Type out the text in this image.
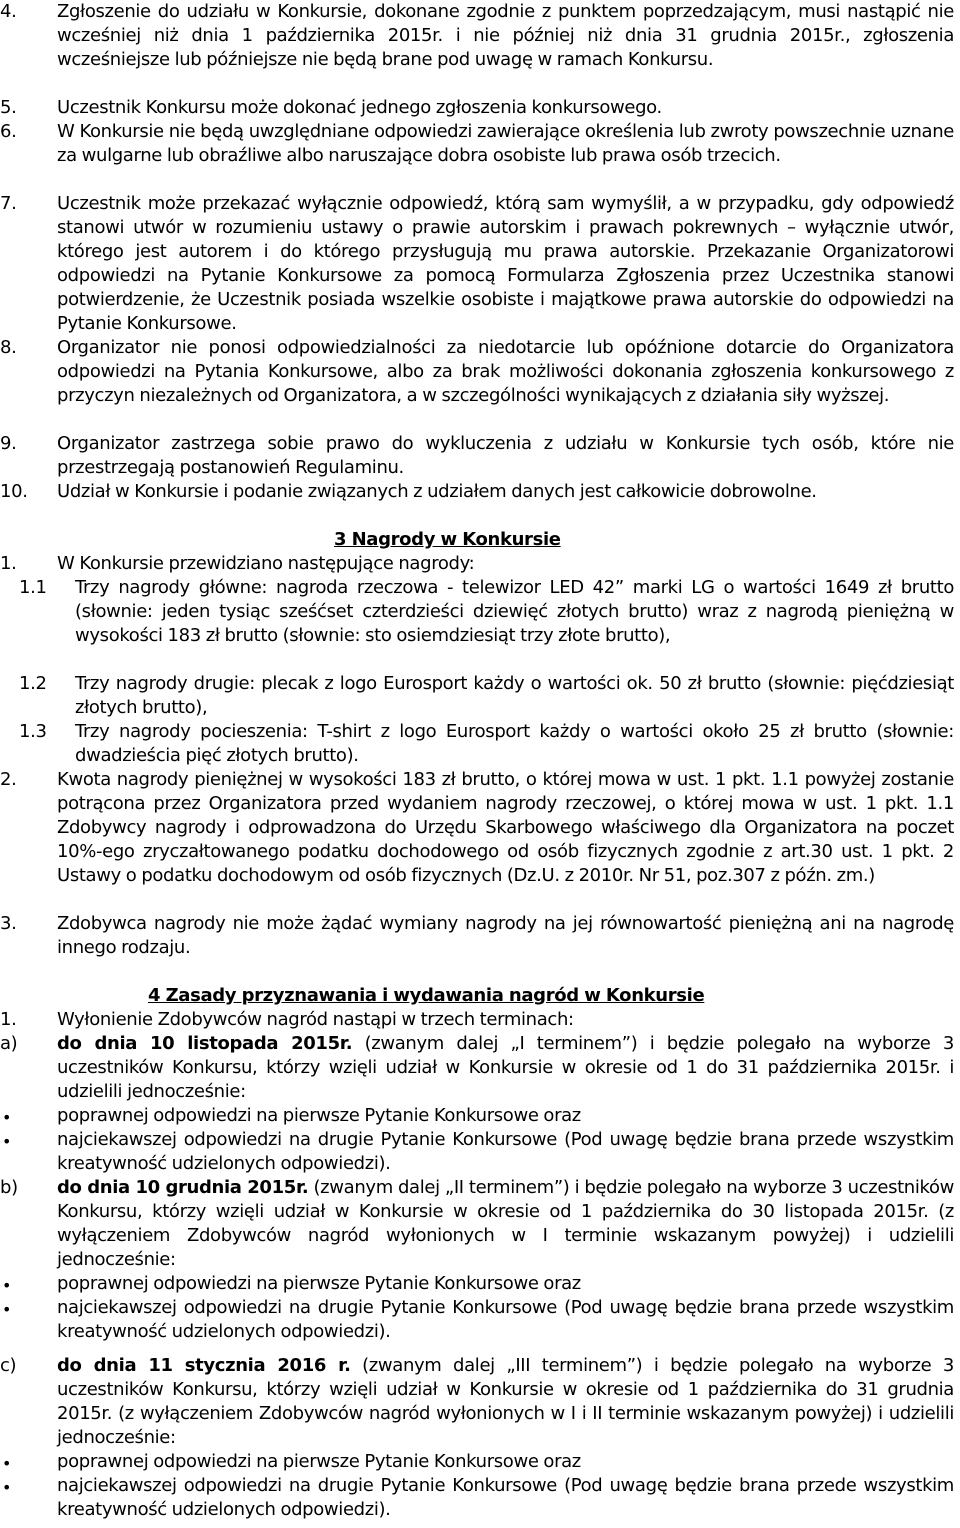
4. Zgłoszenie do udziału w Konkursie, dokonane zgodnie z punktem poprzedzającym, musi nastąpić nie wcześniej niż dnia 1 października 2015r. i nie później niż dnia 31 grudnia 2015r., zgłoszenia wcześniejsze lub późniejsze nie będą brane pod uwagę w ramach Konkursu.
5. Uczestnik Konkursu może dokonać jednego zgłoszenia konkursowego.
6. W Konkursie nie będą uwzględniane odpowiedzi zawierające określenia lub zwroty powszechnie uznane za wulgarne lub obraźliwe albo naruszające dobra osobiste lub prawa osób trzecich.
7. Uczestnik może przekazać wyłącznie odpowiedź, którą sam wymyślił, a w przypadku, gdy odpowiedź stanowi utwór w rozumieniu ustawy o prawie autorskim i prawach pokrewnych – wyłącznie utwór, którego jest autorem i do którego przysługują mu prawa autorskie. Przekazanie Organizatorowi odpowiedzi na Pytanie Konkursowe za pomocą Formularza Zgłoszenia przez Uczestnika stanowi potwierdzenie, że Uczestnik posiada wszelkie osobiste i majątkowe prawa autorskie do odpowiedzi na Pytanie Konkursowe.
8. Organizator nie ponosi odpowiedzialności za niedotarcie lub opóźnione dotarcie do Organizatora odpowiedzi na Pytania Konkursowe, albo za brak możliwości dokonania zgłoszenia konkursowego z przyczyn niezależnych od Organizatora, a w szczególności wynikających z działania siły wyższej.
9. Organizator zastrzega sobie prawo do wykluczenia z udziału w Konkursie tych osób, które nie przestrzegają postanowień Regulaminu.
10. Udział w Konkursie i podanie związanych z udziałem danych jest całkowicie dobrowolne.
3 Nagrody w Konkursie
1. W Konkursie przewidziano następujące nagrody:
1.1 Trzy nagrody główne: nagroda rzeczowa - telewizor LED 42” marki LG o wartości 1649 zł brutto (słownie: jeden tysiąc sześćset czterdzieści dziewięć złotych brutto) wraz z nagrodą pieniężną w wysokości 183 zł brutto (słownie: sto osiemdziesiąt trzy złote brutto),
1.2 Trzy nagrody drugie: plecak z logo Eurosport każdy o wartości ok. 50 zł brutto (słownie: pięćdziesiąt złotych brutto),
1.3 Trzy nagrody pocieszenia: T-shirt z logo Eurosport każdy o wartości około 25 zł brutto (słownie: dwadzieścia pięć złotych brutto).
2. Kwota nagrody pieniężnej w wysokości 183 zł brutto, o której mowa w ust. 1 pkt. 1.1 powyżej zostanie potrącona przez Organizatora przed wydaniem nagrody rzeczowej, o której mowa w ust. 1 pkt. 1.1 Zdobywcy nagrody i odprowadzona do Urzędu Skarbowego właściwego dla Organizatora na poczet 10%-ego zryczałtowanego podatku dochodowego od osób fizycznych zgodnie z art.30 ust. 1 pkt. 2 Ustawy o podatku dochodowym od osób fizycznych (Dz.U. z 2010r. Nr 51, poz.307 z późn. zm.)
3. Zdobywca nagrody nie może żądać wymiany nagrody na jej równowartość pieniężną ani na nagrodę innego rodzaju.
4 Zasady przyznawania i wydawania nagród w Konkursie
1. Wyłonienie Zdobywców nagród nastąpi w trzech terminach:
a) do dnia 10 listopada 2015r. (zwanym dalej „I terminem”) i będzie polegało na wyborze 3 uczestników Konkursu, którzy wzięli udział w Konkursie w okresie od 1 do 31 października 2015r. i udzielili jednocześnie:
•	poprawnej odpowiedzi na pierwsze Pytanie Konkursowe oraz
•	najciekawszej odpowiedzi na drugie Pytanie Konkursowe (Pod uwagę będzie brana przede wszystkim kreatywność udzielonych odpowiedzi).
b) do dnia 10 grudnia 2015r. (zwanym dalej „II terminem”) i będzie polegało na wyborze 3 uczestników Konkursu, którzy wzięli udział w Konkursie w okresie od 1 października do 30 listopada 2015r. (z wyłączeniem Zdobywców nagród wyłonionych w I terminie wskazanym powyżej) i udzielili jednocześnie:
•	poprawnej odpowiedzi na pierwsze Pytanie Konkursowe oraz
•	najciekawszej odpowiedzi na drugie Pytanie Konkursowe (Pod uwagę będzie brana przede wszystkim kreatywność udzielonych odpowiedzi).
c) do dnia 11 stycznia 2016 r. (zwanym dalej „III terminem”) i będzie polegało na wyborze 3 uczestników Konkursu, którzy wzięli udział w Konkursie w okresie od 1 października do 31 grudnia 2015r. (z wyłączeniem Zdobywców nagród wyłonionych w I i II terminie wskazanym powyżej) i udzielili jednocześnie:
•	poprawnej odpowiedzi na pierwsze Pytanie Konkursowe oraz
•	najciekawszej odpowiedzi na drugie Pytanie Konkursowe (Pod uwagę będzie brana przede wszystkim kreatywność udzielonych odpowiedzi).
